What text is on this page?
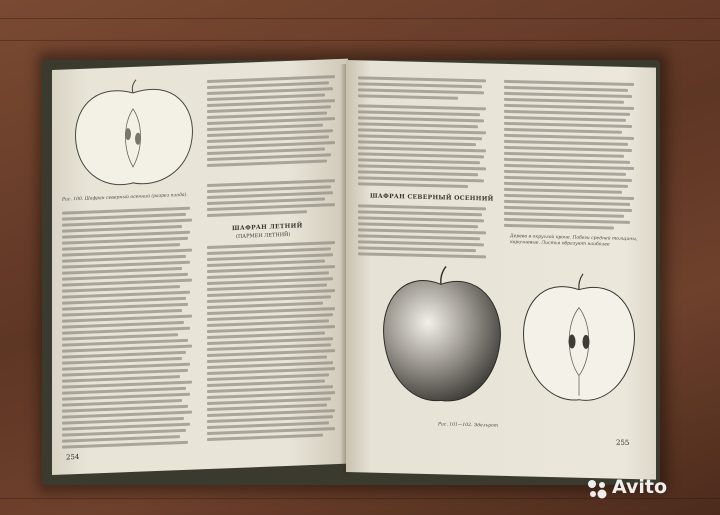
Рис. 100. Шафран северный осенний (разрез плода).
ШАФРАН ЛЕТНИЙ
(ПАРМЕН ЛЕТНИЙ)
254
ШАФРАН СЕВЕРНЫЙ ОСЕННИЙ
Дерево в округлой кроне. Побеги средней толщины, коричневые. Листья образуют наиболее
Рис. 101—102. Эдельрот
255
Avito
